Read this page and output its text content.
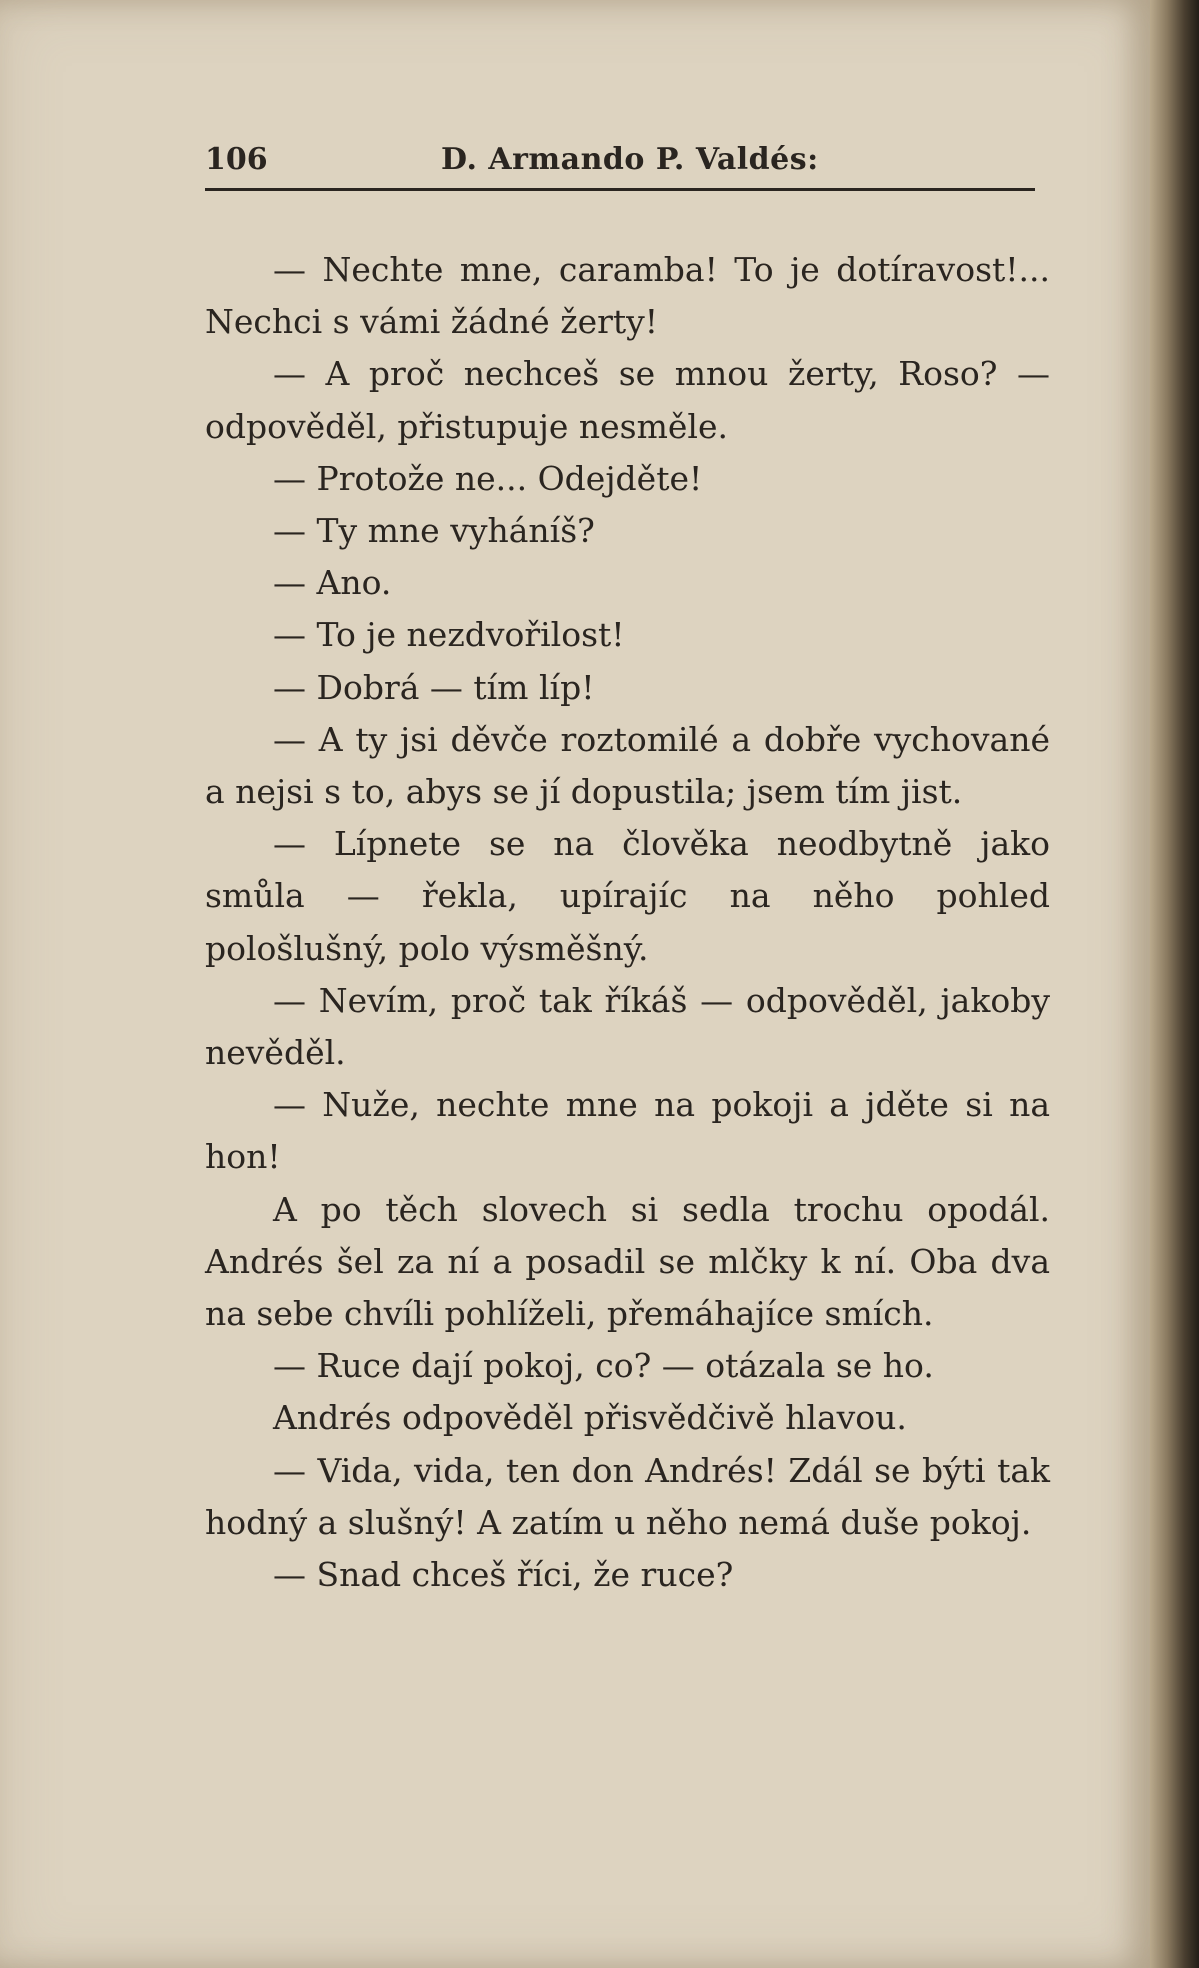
106	D. Armando P. Valdés:

— Nechte mne, caramba! To je dotíravost!... Nechci s vámi žádné žerty!

— A proč nechceš se mnou žerty, Roso? — odpověděl, přistupuje nesměle.

— Protože ne... Odejděte!

— Ty mne vyháníš?

— Ano.

— To je nezdvořilost!

— Dobrá — tím líp!

— A ty jsi děvče roztomilé a dobře vychované a nejsi s to, abys se jí dopustila; jsem tím jist.

— Lípnete se na člověka neodbytně jako smůla — řekla, upírajíc na něho pohled pološlušný, polo výsměšný.

— Nevím, proč tak říkáš — odpověděl, jakoby nevěděl.

— Nuže, nechte mne na pokoji a jděte si na hon!

A po těch slovech si sedla trochu opodál. Andrés šel za ní a posadil se mlčky k ní. Oba dva na sebe chvíli pohlíželi, přemáhajíce smích.

— Ruce dají pokoj, co? — otázala se ho.

Andrés odpověděl přisvědčivě hlavou.

— Vida, vida, ten don Andrés! Zdál se býti tak hodný a slušný! A zatím u něho nemá duše pokoj.

— Snad chceš říci, že ruce?
